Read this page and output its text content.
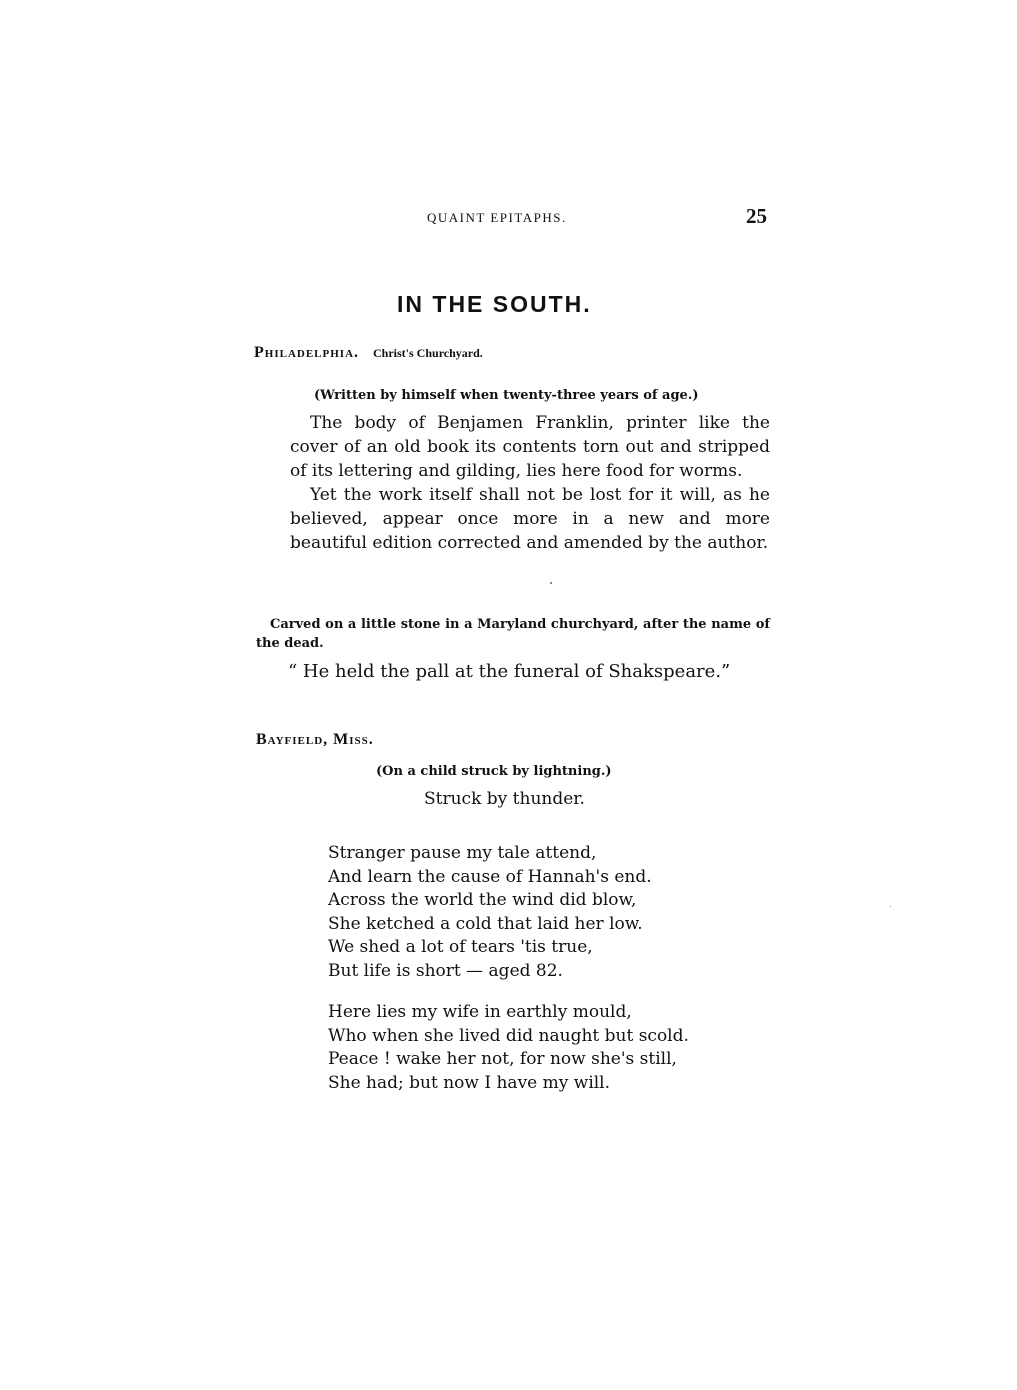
QUAINT EPITAPHS.	25
IN THE SOUTH.
Philadelphia. Christ's Churchyard.
(Written by himself when twenty-three years of age.)

The body of Benjamen Franklin, printer like the cover of an old book its contents torn out and stripped of its lettering and gilding, lies here food for worms.

Yet the work itself shall not be lost for it will, as he believed, appear once more in a new and more beautiful edition corrected and amended by the author.

Carved on a little stone in a Maryland churchyard, after the name of the dead.
“ He held the pall at the funeral of Shakspeare.”
Bayfield, Miss.
(On a child struck by lightning.)
Struck by thunder.
Stranger pause my tale attend,
And learn the cause of Hannah's end.
Across the world the wind did blow,
She ketched a cold that laid her low.
We shed a lot of tears 'tis true,
But life is short — aged 82.
Here lies my wife in earthly mould,
Who when she lived did naught but scold.
Peace ! wake her not, for now she's still,
She had; but now I have my will.
